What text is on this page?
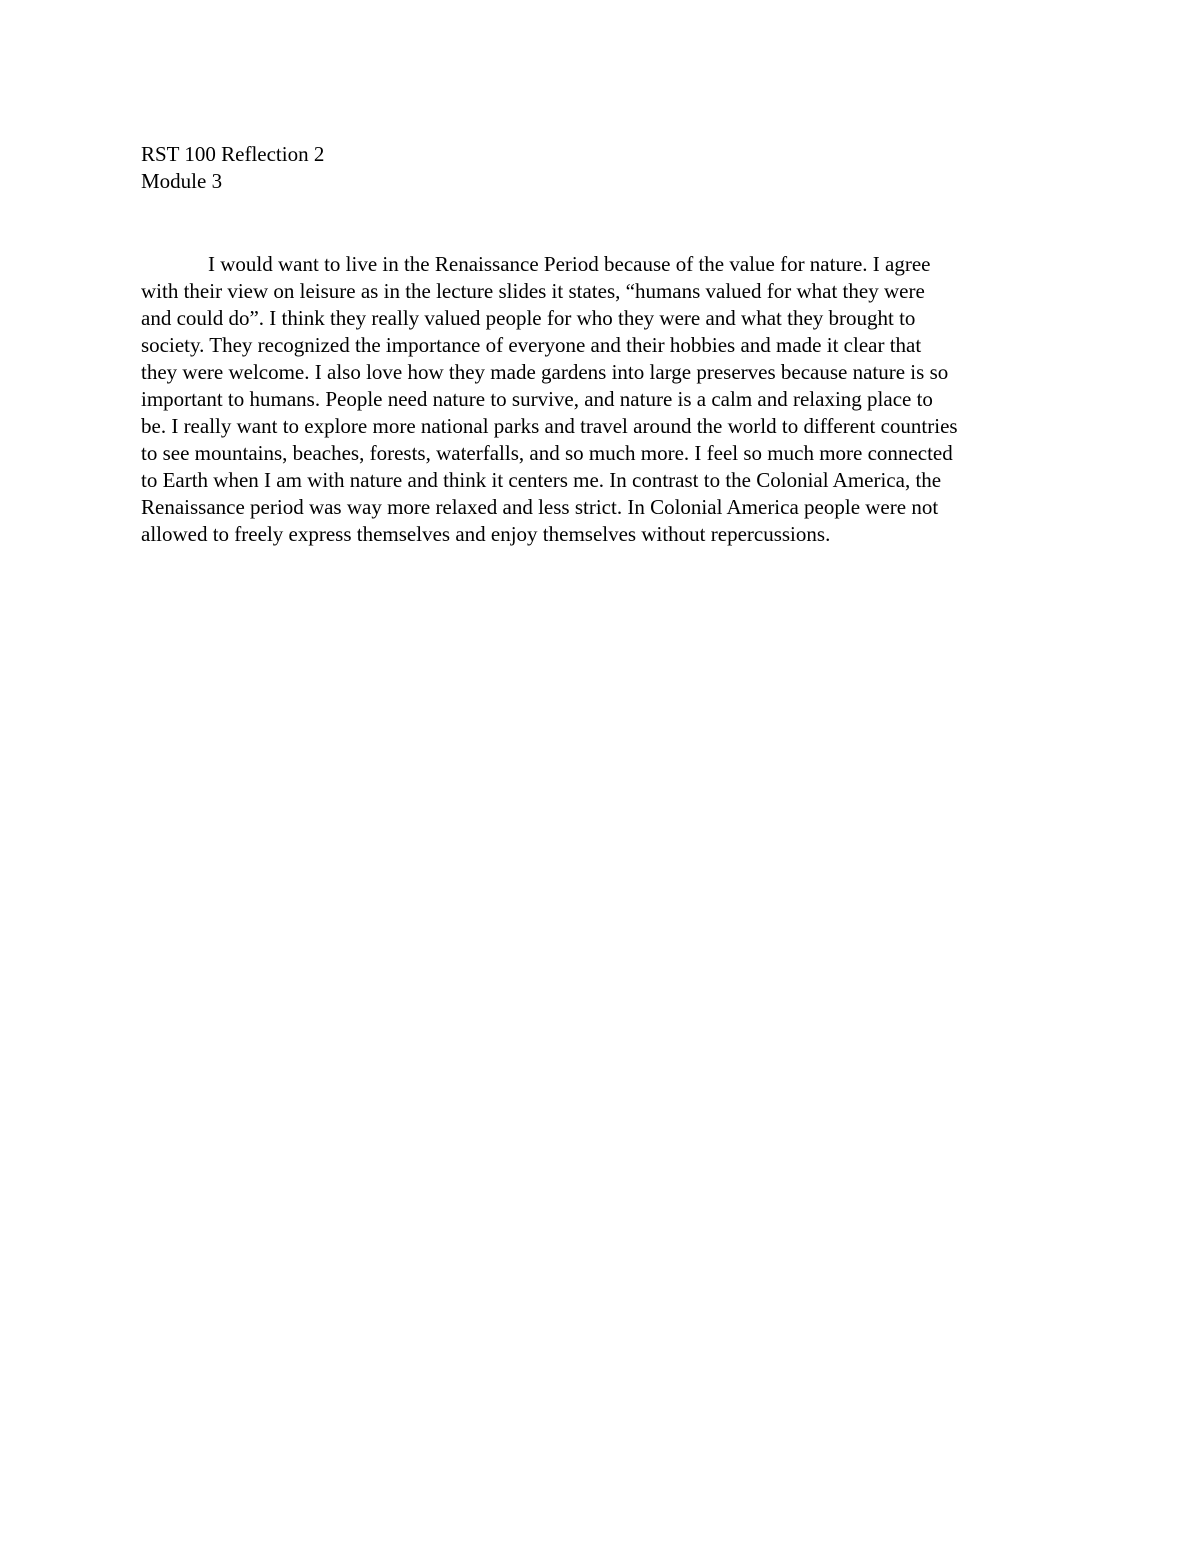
RST 100 Reflection 2
Module 3
I would want to live in the Renaissance Period because of the value for nature. I agree
with their view on leisure as in the lecture slides it states, “humans valued for what they were
and could do”. I think they really valued people for who they were and what they brought to
society. They recognized the importance of everyone and their hobbies and made it clear that
they were welcome. I also love how they made gardens into large preserves because nature is so
important to humans. People need nature to survive, and nature is a calm and relaxing place to
be. I really want to explore more national parks and travel around the world to different countries
to see mountains, beaches, forests, waterfalls, and so much more. I feel so much more connected
to Earth when I am with nature and think it centers me. In contrast to the Colonial America, the
Renaissance period was way more relaxed and less strict. In Colonial America people were not
allowed to freely express themselves and enjoy themselves without repercussions.
